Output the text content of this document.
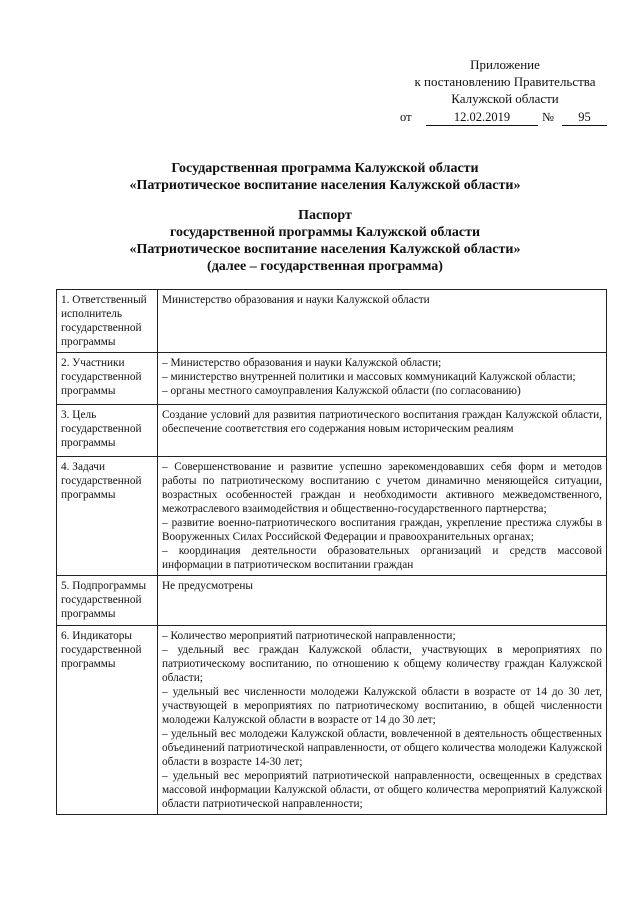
Приложение
к постановлению Правительства
Калужской области
от	12.02.2019	№	95
Государственная программа Калужской области
«Патриотическое воспитание населения Калужской области»
Паспорт
государственной программы Калужской области
«Патриотическое воспитание населения Калужской области»
(далее – государственная программа)
1. Ответственный исполнитель государственной программы	Министерство образования и науки Калужской области

2. Участники государственной программы	– Министерство образования и науки Калужской области;
– министерство внутренней политики и массовых коммуникаций Калужской области;
– органы местного самоуправления Калужской области (по согласованию)

3. Цель государственной программы	Создание условий для развития патриотического воспитания граждан Калужской области, обеспечение соответствия его содержания новым историческим реалиям

4. Задачи государственной программы	– Совершенствование и развитие успешно зарекомендовавших себя форм и методов работы по патриотическому воспитанию с учетом динамично меняющейся ситуации, возрастных особенностей граждан и необходимости активного межведомственного, межотраслевого взаимодействия и общественно-государственного партнерства;
– развитие военно-патриотического воспитания граждан, укрепление престижа службы в Вооруженных Силах Российской Федерации и правоохранительных органах;
– координация деятельности образовательных организаций и средств массовой информации в патриотическом воспитании граждан

5. Подпрограммы государственной программы	Не предусмотрены

6. Индикаторы государственной программы	– Количество мероприятий патриотической направленности;
– удельный вес граждан Калужской области, участвующих в мероприятиях по патриотическому воспитанию, по отношению к общему количеству граждан Калужской области;
– удельный вес численности молодежи Калужской области в возрасте от 14 до 30 лет, участвующей в мероприятиях по патриотическому воспитанию, в общей численности молодежи Калужской области в возрасте от 14 до 30 лет;
– удельный вес молодежи Калужской области, вовлеченной в деятельность общественных объединений патриотической направленности, от общего количества молодежи Калужской области в возрасте 14-30 лет;
– удельный вес мероприятий патриотической направленности, освещенных в средствах массовой информации Калужской области, от общего количества мероприятий Калужской области патриотической направленности;
